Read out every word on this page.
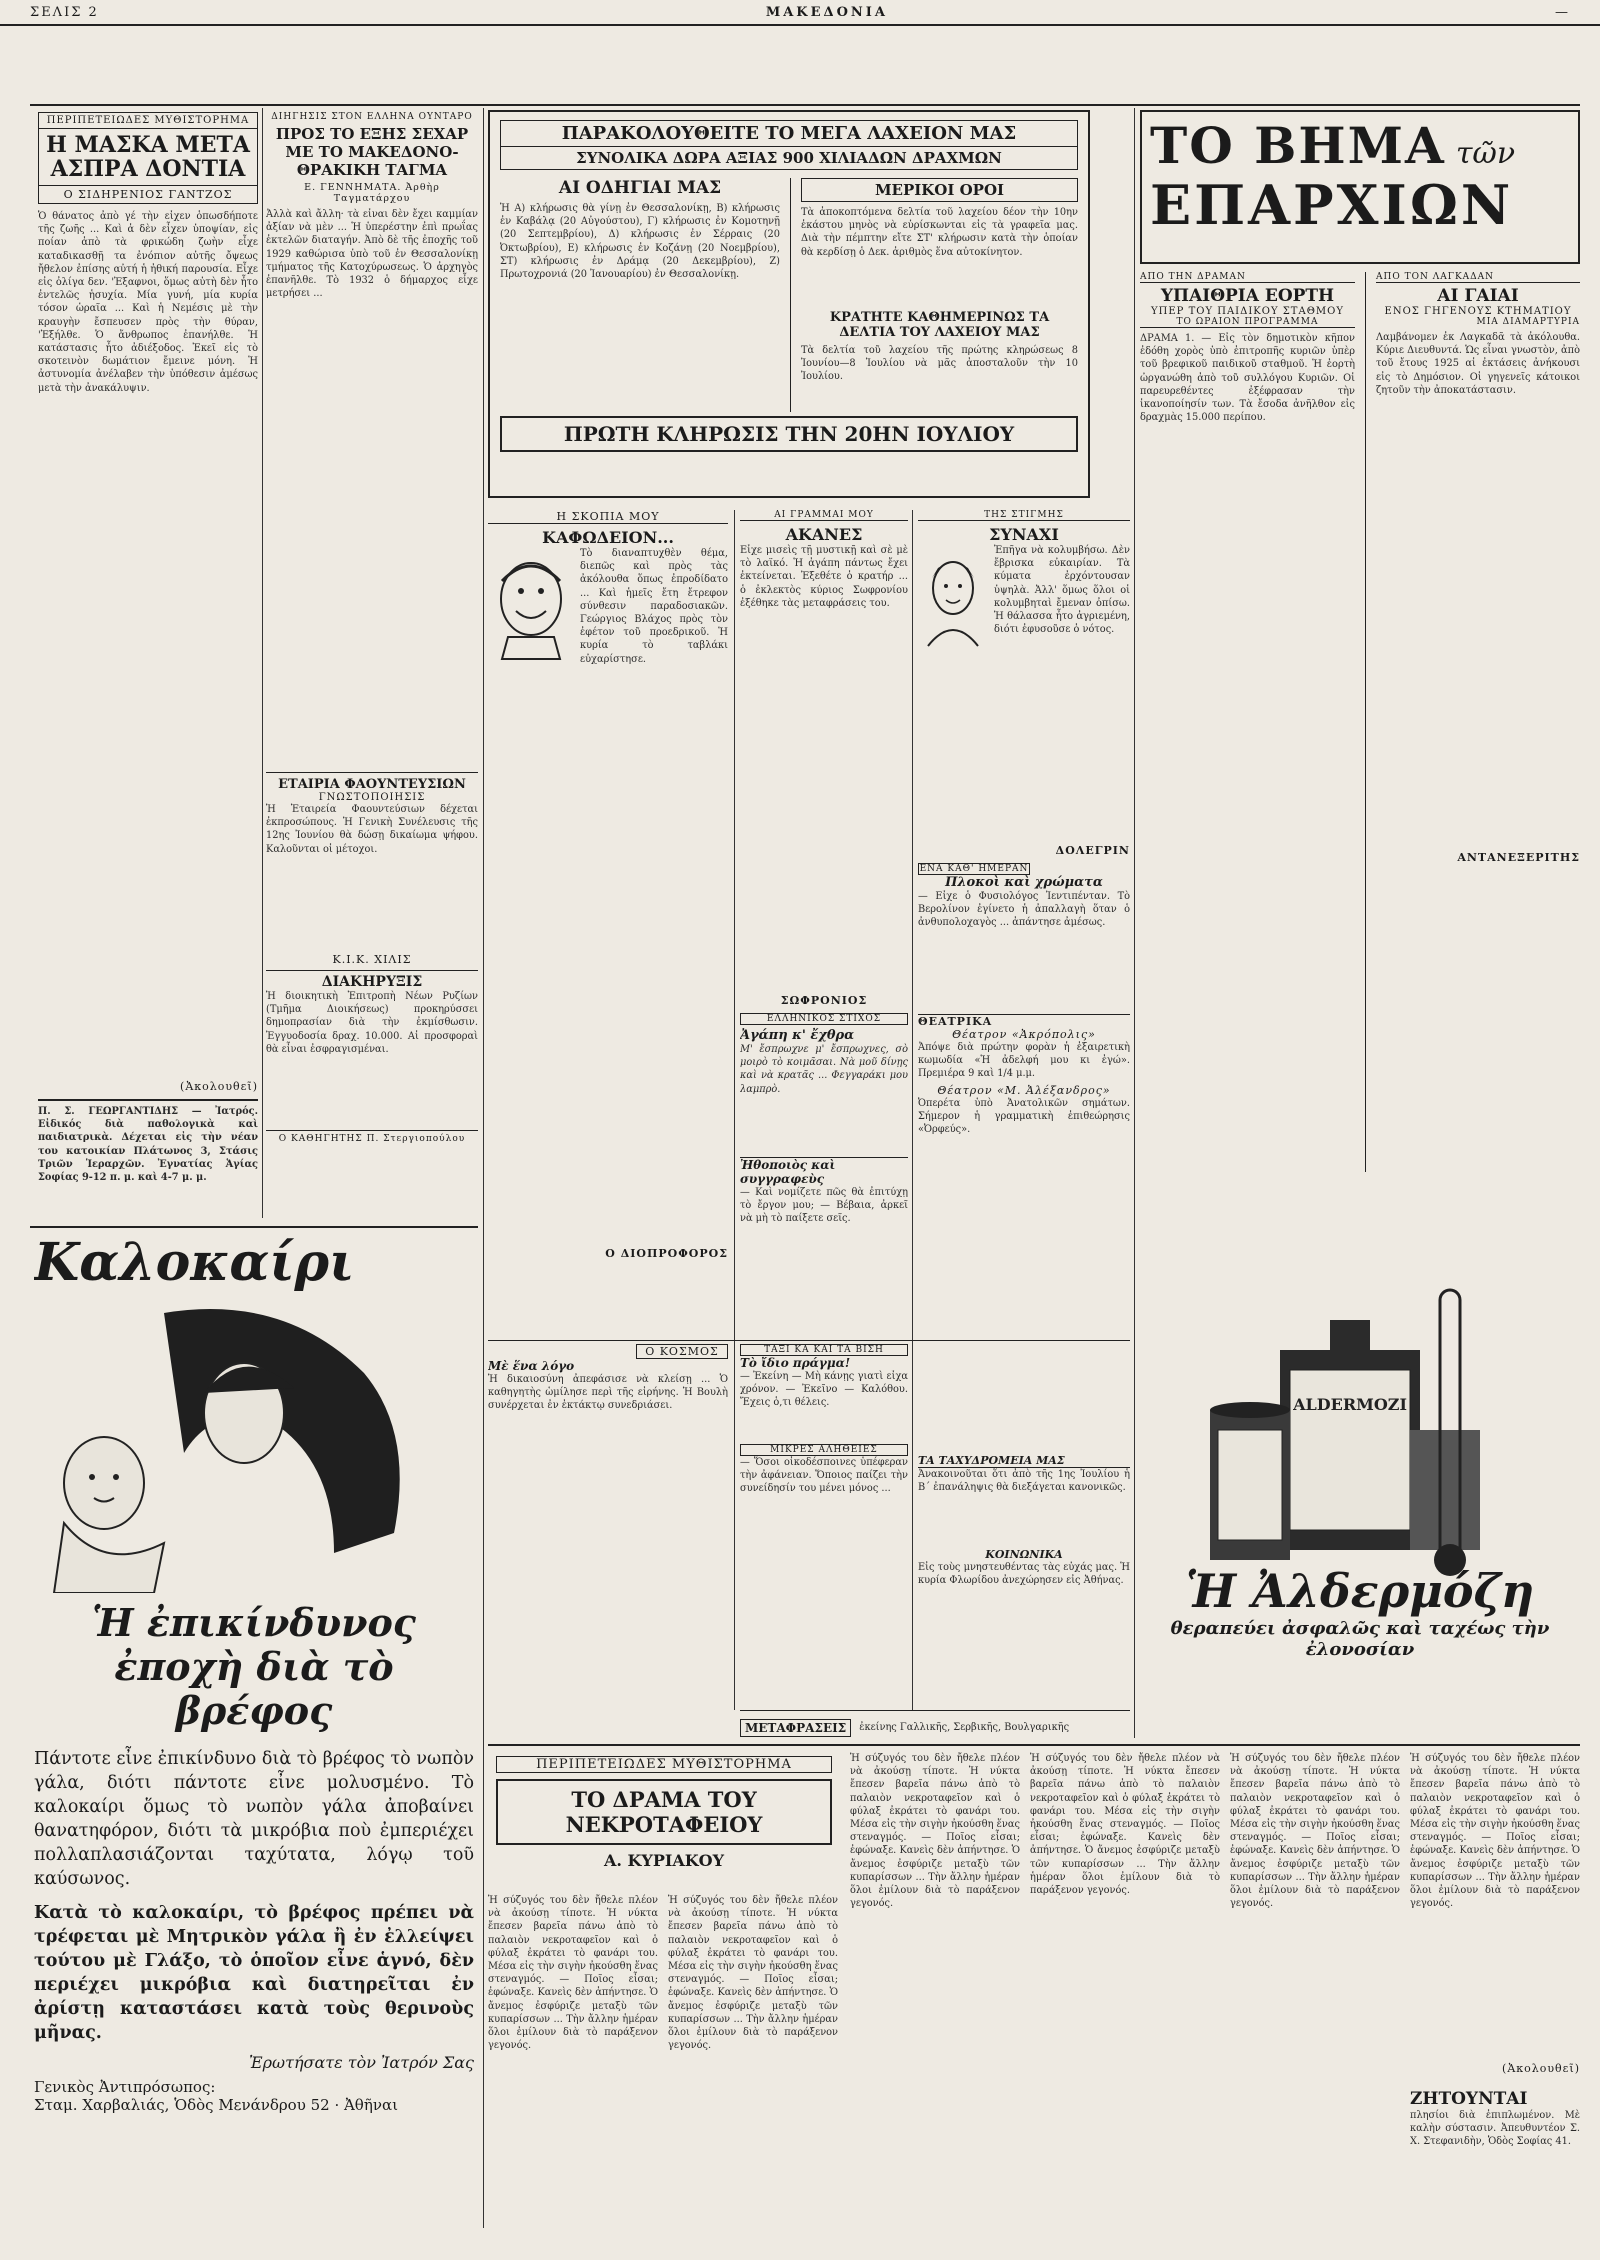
ΣΕΛΙΣ 2	ΜΑΚΕΔΟΝΙΑ	—
ΠΕΡΙΠΕΤΕΙΩΔΕΣ ΜΥΘΙΣΤΟΡΗΜΑ
Η ΜΑΣΚΑ ΜΕΤΑ ΑΣΠΡΑ ΔΟΝΤΙΑ
Ο ΣΙΔΗΡΕΝΙΟΣ ΓΑΝΤΖΟΣ
Ὁ θάνατος ἀπὸ γέ τὴν εἶχεν ὁπωσδήποτε τῆς ζωῆς ... Καὶ ἁ δὲν εἶχεν ὑποψίαν, εἰς ποίαν ἀπὸ τὰ φρικώδη ζωὴν εἶχε καταδικασθῇ τα ἐνόπιον αὐτῆς ὄψεως ἤθελον ἐπίσης αὐτή ἡ ἠθική παρουσία. Εἶχε εἰς ὀλίγα δεν. 'Ἐξαφνοι, ὅμως αὐτὴ δὲν ἦτο ἐντελῶς ἡσυχία. Μία γυνή, μία κυρία τόσον ὡραῖα ... Καὶ ἡ Νεμέσις μὲ τὴν κραυγὴν ἔσπευσεν πρὸς τὴν θύραν, 'Ἐξήλθε. Ὁ ἄνθρωπος ἐπανήλθε. Ἡ κατάστασις ἦτο ἀδιέξοδος. Ἐκεῖ εἰς τὸ σκοτεινὸν δωμάτιον ἔμεινε μόνη. Ἡ ἀστυνομία ἀνέλαβεν τὴν ὑπόθεσιν ἀμέσως μετὰ τὴν ἀνακάλυψιν.
(Ἀκολουθεῖ)
Π. Σ. ΓΕΩΡΓΑΝΤΙΔΗΣ — Ἰατρός. Εἰδικός διὰ παθολογικὰ καὶ παιδιατρικὰ. Δέχεται εἰς τὴν νέαν του κατοικίαν Πλάτωνος 3, Στάσις Τριῶν Ἱεραρχῶν. Ἐγνατίας Ἁγίας Σοφίας 9-12 π. μ. καὶ 4-7 μ. μ.
ΔΙΗΓΗΣΙΣ ΣΤΟΝ ΕΛΛΗΝΑ ΟΥΝΤΑΡΟ
ΠΡΟΣ ΤΟ ΕΞΗΣ ΣΕΧΑΡ ΜΕ ΤΟ ΜΑΚΕΔΟΝΟ-ΘΡΑΚΙΚΗ ΤΑΓΜΑ
Ε. ΓΕΝΝΗΜΑΤΑ. Ἀρθὴρ Ταγματάρχου
Ἀλλὰ καὶ ἄλλη· τὰ εἶναι δὲν ἔχει καμμίαν ἀξίαν νὰ μὲν ... Ἡ ὑπερέστην ἐπὶ πρωΐας ἐκτελῶν διαταγήν. Ἀπὸ δὲ τῆς ἐποχῆς τοῦ 1929 καθώρισα ὑπὸ τοῦ ἐν Θεσσαλονίκῃ τμήματος τῆς Κατοχύρωσεως. Ὁ ἀρχηγὸς ἐπανῆλθε. Τὸ 1932 ὁ δήμαρχος εἶχε μετρήσει ...
ΕΤΑΙΡΙΑ ΦΑΟΥΝΤΕΥΣΙΩΝ
ΓΝΩΣΤΟΠΟΙΗΣΙΣ
Ἡ Ἑταιρεία Φαουντεύσιων δέχεται ἐκπροσώπους. Ἡ Γενικὴ Συνέλευσις τῆς 12ης Ἰουνίου θὰ δώσῃ δικαίωμα ψήφου. Καλοῦνται οἱ μέτοχοι.
Κ.Ι.Κ. ΧΙΛΙΣ
ΔΙΑΚΗΡΥΞΙΣ
Ἡ διοικητικὴ Ἐπιτροπὴ Νέων Ρυζίων (Τμῆμα Διοικήσεως) προκηρύσσει δημοπρασίαν διὰ τὴν ἐκμίσθωσιν. Ἐγγυοδοσία δραχ. 10.000. Αἱ προσφοραὶ θὰ εἶναι ἐσφραγισμέναι.
Ο ΚΑΘΗΓΗΤΗΣ Π. Στεργιοπούλου
ΠΑΡΑΚΟΛΟΥΘΕΙΤΕ ΤΟ ΜΕΓΑ ΛΑΧΕΙΟΝ ΜΑΣ
ΣΥΝΟΛΙΚΑ ΔΩΡΑ ΑΞΙΑΣ 900 ΧΙΛΙΑΔΩΝ ΔΡΑΧΜΩΝ
ΑΙ ΟΔΗΓΙΑΙ ΜΑΣ
Ἡ Α) κλήρωσις θὰ γίνῃ ἐν Θεσσαλονίκῃ, Β) κλήρωσις ἐν Καβάλᾳ (20 Αὐγούστου), Γ) κλήρωσις ἐν Κομοτηνῇ (20 Σεπτεμβρίου), Δ) κλήρωσις ἐν Σέρραις (20 Ὀκτωβρίου), Ε) κλήρωσις ἐν Κοζάνῃ (20 Νοεμβρίου), ΣΤ) κλήρωσις ἐν Δράμᾳ (20 Δεκεμβρίου), Ζ) Πρωτοχρονιά (20 Ἰανουαρίου) ἐν Θεσσαλονίκῃ.
ΜΕΡΙΚΟΙ ΟΡΟΙ
Τὰ ἀποκοπτόμενα δελτία τοῦ λαχείου δέον τὴν 10ην ἑκάστου μηνὸς νὰ εὑρίσκωνται εἰς τὰ γραφεῖα μας. Διὰ τὴν πέμπτην εἴτε ΣΤ' κλήρωσιν κατὰ τὴν ὁποίαν θὰ κερδίσῃ ὁ Δεκ. ἀριθμὸς ἕνα αὐτοκίνητον.
ΚΡΑΤΗΤΕ ΚΑΘΗΜΕΡΙΝΩΣ ΤΑ ΔΕΛΤΙΑ ΤΟΥ ΛΑΧΕΙΟΥ ΜΑΣ
Τὰ δελτία τοῦ λαχείου τῆς πρώτης κληρώσεως 8 Ἰουνίου—8 Ἰουλίου νὰ μᾶς ἀποσταλοῦν τὴν 10 Ἰουλίου.
ΠΡΩΤΗ ΚΛΗΡΩΣΙΣ ΤΗΝ 20ΗΝ ΙΟΥΛΙΟΥ
ΤΟ ΒΗΜΑ τῶν
ΕΠΑΡΧΙΩΝ
ΑΠΟ ΤΗΝ ΔΡΑΜΑΝ
ΥΠΑΙΘΡΙΑ ΕΟΡΤΗ
ΥΠΕΡ ΤΟΥ ΠΑΙΔΙΚΟΥ ΣΤΑΘΜΟΥ
ΤΟ ΩΡΑΙΟΝ ΠΡΟΓΡΑΜΜΑ
ΔΡΑΜΑ 1. — Εἰς τὸν δημοτικὸν κῆπον ἐδόθη χορὸς ὑπὸ ἐπιτροπῆς κυριῶν ὑπὲρ τοῦ βρεφικοῦ παιδικοῦ σταθμοῦ. Ἡ ἐορτὴ ὠργανώθη ἀπὸ τοῦ συλλόγου Κυριῶν. Οἱ παρευρεθέντες ἐξέφρασαν τὴν ἱκανοποίησίν των. Τὰ ἔσοδα ἀνῆλθον εἰς δραχμὰς 15.000 περίπου.
ΑΠΟ ΤΟΝ ΛΑΓΚΑΔΑΝ
ΑΙ ΓΑΙΑΙ
ΕΝΟΣ ΓΗΓΕΝΟΥΣ ΚΤΗΜΑΤΙΟΥ
ΜΙΑ ΔΙΑΜΑΡΤΥΡΙΑ
Λαμβάνομεν ἐκ Λαγκαδᾶ τὰ ἀκόλουθα. Κύριε Διευθυντά. Ὡς εἶναι γνωστὸν, ἀπὸ τοῦ ἔτους 1925 αἱ ἐκτάσεις ἀνήκουσι εἰς τὸ Δημόσιον. Οἱ γηγενεῖς κάτοικοι ζητοῦν τὴν ἀποκατάστασιν.
ΑΝΤΑΝΕΞΕΡΙΤΗΣ
Η ΣΚΟΠΙΑ ΜΟΥ
ΚΑΦΩΔΕΙΟΝ...
Τὸ διαναπτυχθὲν θέμα, διεπῶς καὶ πρὸς τὰς ἀκόλουθα ὅπως ἐπροδίδατο ... Καὶ ἡμεῖς ἔτη ἔτρεφον σύνθεσιν παραδοσιακῶν. Γεώργιος Βλάχος πρὸς τὸν ἐφέτον τοῦ προεδρικοῦ. Ἡ κυρία τὸ ταβλάκι εὐχαρίστησε.
Ο ΔΙΟΠΡΟΦΟΡΟΣ
ΑΙ ΓΡΑΜΜΑΙ ΜΟΥ
ΑΚΑΝΕΣ
Εἶχε μισεὶς τῇ μυστικῇ καὶ σὲ μὲ τὸ λαϊκό. Ἡ ἀγάπη πάντως ἔχει ἐκτείνεται. Ἐξεθέτε ὁ κρατήρ ... ὁ ἐκλεκτὸς κύριος Σωφρονίου ἐξέθηκε τὰς μεταφράσεις του.
ΣΩΦΡΟΝΙΟΣ
ΕΛΛΗΝΙΚΟΣ ΣΤΙΧΟΣ
Ἀγάπη κ' ἔχθρα
Μ' ἔσπρωχνε μ' ἔσπρωχνες, σὸ μοιρὸ τὸ κοιμᾶσαι. Νὰ μοῦ δίνῃς καὶ νὰ κρατᾶς ... Φεγγαράκι μου λαμπρὸ.
Ἠθοποιὸς καὶ συγγραφεὺς
— Καὶ νομίζετε πῶς θὰ ἐπιτύχῃ τὸ ἔργον μου; — Βέβαια, ἀρκεῖ νὰ μὴ τὸ παίξετε σεῖς.
ΤΗΣ ΣΤΙΓΜΗΣ
ΣΥΝΑΧΙ
Ἐπῆγα νὰ κολυμβήσω. Δὲν ἔβρισκα εὐκαιρίαν. Τὰ κύματα ἐρχόντουσαν ὑψηλὰ. Ἀλλ' ὅμως ὅλοι οἱ κολυμβηταὶ ἔμεναν ὀπίσω. Ἡ θάλασσα ἦτο ἀγριεμένη, διότι ἐφυσοῦσε ὁ νότος.
ΔΟΛΕΓΡΙΝ
ΕΝΑ ΚΑΘ' ΗΜΕΡΑΝ
Πλοκοὶ καὶ χρώματα
— Εἶχε ὁ Φυσιολόγος Ἰεντιπένταν. Τὸ Βερολίνον ἐγίνετο ἡ ἀπαλλαγὴ ὅταν ὁ ἀνθυπολοχαγὸς ... ἀπάντησε ἀμέσως.
ΘΕΑΤΡΙΚΑ
Θέατρον «Ἀκρόπολις»
Ἀπόψε διὰ πρώτην φορὰν ἡ ἐξαιρετικὴ κωμωδία «Ἡ ἀδελφή μου κι ἐγώ». Πρεμιέρα 9 καὶ 1/4 μ.μ.
Θέατρον «Μ. Ἀλέξανδρος»
Ὀπερέτα ὑπὸ Ἀνατολικῶν σημάτων. Σήμερον ἡ γραμματικὴ ἐπιθεώρησις «Ὀρφεύς».
Ο ΚΟΣΜΟΣ
Μὲ ἕνα λόγο
Ἡ δικαιοσύνη ἀπεφάσισε νὰ κλείσῃ ... Ὁ καθηγητὴς ὡμίλησε περὶ τῆς εἰρήνης. Ἡ Βουλὴ συνέρχεται ἐν ἐκτάκτῳ συνεδριάσει.
ΤΑΞΙ ΚΑ ΚΑΙ ΤΑ ΒΙΣΗ
Τὸ ἴδιο πράγμα!
— Ἐκείνη — Μὴ κάνῃς γιατὶ εἶχα χρόνον. — Ἐκεῖνο — Καλόθου. Ἔχεις ὁ,τι θέλεις.
ΜΙΚΡΕΣ ΑΛΗΘΕΙΕΣ
— Ὅσοι οἰκοδέσποινες ὑπέφεραν τὴν ἀφάνειαν. Ὅποιος παίζει τὴν συνείδησίν του μένει μόνος ...
ΤΑ ΤΑΧΥΔΡΟΜΕΙΑ ΜΑΣ
Ἀνακοινοῦται ὅτι ἀπὸ τῆς 1ης Ἰουλίου ἡ Β΄ ἐπανάληψις θὰ διεξάγεται κανονικῶς.
ΚΟΙΝΩΝΙΚΑ
Εἰς τοὺς μνηστευθέντας τὰς εὐχάς μας. Ἡ κυρία Φλωρίδου ἀνεχώρησεν εἰς Ἀθήνας.
ΜΕΤΑΦΡΑΣΕΙΣ	ἐκείνης Γαλλικῆς, Σερβικῆς, Βουλγαρικῆς
ALDERMOZI
Ἡ Ἀλδερμόζη
θεραπεύει ἀσφαλῶς καὶ ταχέως τὴν ἐλονοσίαν
Καλοκαίρι
Ἡ ἐπικίνδυνος ἐποχὴ διὰ τὸ βρέφος
Πάντοτε εἶνε ἐπικίνδυνο διὰ τὸ βρέφος τὸ νωπὸν γάλα, διότι πάντοτε εἶνε μολυσμένο. Τὸ καλοκαίρι ὅμως τὸ νωπὸν γάλα ἀποβαίνει θανατηφόρον, διότι τὰ μικρόβια ποὺ ἐμπεριέχει πολλαπλασιάζονται ταχύτατα, λόγῳ τοῦ καύσωνος.
Κατὰ τὸ καλοκαίρι, τὸ βρέφος πρέπει νὰ τρέφεται μὲ Μητρικὸν γάλα ἢ ἐν ἐλλείψει τούτου μὲ Γλάξο, τὸ ὁποῖον εἶνε ἁγνό, δὲν περιέχει μικρόβια καὶ διατηρεῖται ἐν ἀρίστῃ καταστάσει κατὰ τοὺς θερινοὺς μῆνας.
Ἐρωτήσατε τὸν Ἰατρόν Σας
Γενικὸς Ἀντιπρόσωπος:
Σταμ. Χαρβαλιάς, Ὁδὸς Μενάνδρου 52 · Ἀθῆναι
ΠΕΡΙΠΕΤΕΙΩΔΕΣ ΜΥΘΙΣΤΟΡΗΜΑ
ΤΟ ΔΡΑΜΑ ΤΟΥ ΝΕΚΡΟΤΑΦΕΙΟΥ
Α. ΚΥΡΙΑΚΟΥ
Ἡ σύζυγός του δὲν ἤθελε πλέον νὰ ἀκούσῃ τίποτε. Ἡ νύκτα ἔπεσεν βαρεῖα πάνω ἀπὸ τὸ παλαιὸν νεκροταφεῖον καὶ ὁ φύλαξ ἐκράτει τὸ φανάρι του. Μέσα εἰς τὴν σιγὴν ἠκούσθη ἕνας στεναγμός. — Ποῖος εἶσαι; ἐφώναξε. Κανεὶς δὲν ἀπήντησε. Ὁ ἄνεμος ἐσφύριζε μεταξὺ τῶν κυπαρίσσων ... Τὴν ἄλλην ἡμέραν ὅλοι ἐμίλουν διὰ τὸ παράξενον γεγονός.
Ἡ σύζυγός του δὲν ἤθελε πλέον νὰ ἀκούσῃ τίποτε. Ἡ νύκτα ἔπεσεν βαρεῖα πάνω ἀπὸ τὸ παλαιὸν νεκροταφεῖον καὶ ὁ φύλαξ ἐκράτει τὸ φανάρι του. Μέσα εἰς τὴν σιγὴν ἠκούσθη ἕνας στεναγμός. — Ποῖος εἶσαι; ἐφώναξε. Κανεὶς δὲν ἀπήντησε. Ὁ ἄνεμος ἐσφύριζε μεταξὺ τῶν κυπαρίσσων ... Τὴν ἄλλην ἡμέραν ὅλοι ἐμίλουν διὰ τὸ παράξενον γεγονός.
Ἡ σύζυγός του δὲν ἤθελε πλέον νὰ ἀκούσῃ τίποτε. Ἡ νύκτα ἔπεσεν βαρεῖα πάνω ἀπὸ τὸ παλαιὸν νεκροταφεῖον καὶ ὁ φύλαξ ἐκράτει τὸ φανάρι του. Μέσα εἰς τὴν σιγὴν ἠκούσθη ἕνας στεναγμός. — Ποῖος εἶσαι; ἐφώναξε. Κανεὶς δὲν ἀπήντησε. Ὁ ἄνεμος ἐσφύριζε μεταξὺ τῶν κυπαρίσσων ... Τὴν ἄλλην ἡμέραν ὅλοι ἐμίλουν διὰ τὸ παράξενον γεγονός.
Ἡ σύζυγός του δὲν ἤθελε πλέον νὰ ἀκούσῃ τίποτε. Ἡ νύκτα ἔπεσεν βαρεῖα πάνω ἀπὸ τὸ παλαιὸν νεκροταφεῖον καὶ ὁ φύλαξ ἐκράτει τὸ φανάρι του. Μέσα εἰς τὴν σιγὴν ἠκούσθη ἕνας στεναγμός. — Ποῖος εἶσαι; ἐφώναξε. Κανεὶς δὲν ἀπήντησε. Ὁ ἄνεμος ἐσφύριζε μεταξὺ τῶν κυπαρίσσων ... Τὴν ἄλλην ἡμέραν ὅλοι ἐμίλουν διὰ τὸ παράξενον γεγονός.
Ἡ σύζυγός του δὲν ἤθελε πλέον νὰ ἀκούσῃ τίποτε. Ἡ νύκτα ἔπεσεν βαρεῖα πάνω ἀπὸ τὸ παλαιὸν νεκροταφεῖον καὶ ὁ φύλαξ ἐκράτει τὸ φανάρι του. Μέσα εἰς τὴν σιγὴν ἠκούσθη ἕνας στεναγμός. — Ποῖος εἶσαι; ἐφώναξε. Κανεὶς δὲν ἀπήντησε. Ὁ ἄνεμος ἐσφύριζε μεταξὺ τῶν κυπαρίσσων ... Τὴν ἄλλην ἡμέραν ὅλοι ἐμίλουν διὰ τὸ παράξενον γεγονός.
Ἡ σύζυγός του δὲν ἤθελε πλέον νὰ ἀκούσῃ τίποτε. Ἡ νύκτα ἔπεσεν βαρεῖα πάνω ἀπὸ τὸ παλαιὸν νεκροταφεῖον καὶ ὁ φύλαξ ἐκράτει τὸ φανάρι του. Μέσα εἰς τὴν σιγὴν ἠκούσθη ἕνας στεναγμός. — Ποῖος εἶσαι; ἐφώναξε. Κανεὶς δὲν ἀπήντησε. Ὁ ἄνεμος ἐσφύριζε μεταξὺ τῶν κυπαρίσσων ... Τὴν ἄλλην ἡμέραν ὅλοι ἐμίλουν διὰ τὸ παράξενον γεγονός.
(Ἀκολουθεῖ)
ΖΗΤΟΥΝΤΑΙ
πλησίοι διὰ ἐπιπλωμένον. Μὲ καλὴν σύστασιν. Ἀπευθυντέον Σ. Χ. Στεφανιδὴν, Ὁδὸς Σοφίας 41.
